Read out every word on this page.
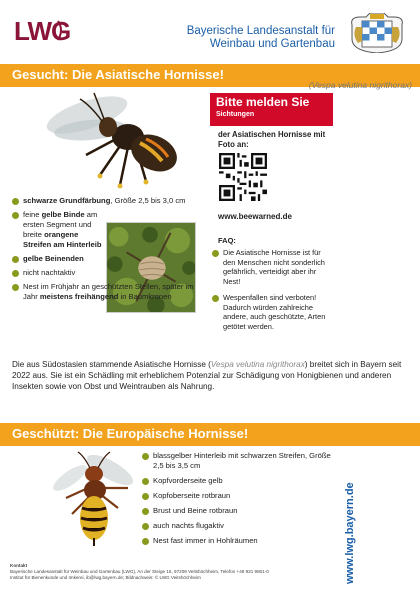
LWG	Bayerische Landesanstalt für
Weinbau und Gartenbau
Gesucht: Die Asiatische Hornisse!
(Vespa velutina nigrithorax)
schwarze Grundfärbung, Größe 2,5 bis 3,0 cm
feine gelbe Binde am ersten Segment und breite orangene Streifen am Hinterleib
gelbe Beinenden
nicht nachtaktiv
Nest im Frühjahr an geschützten Stellen, später im Jahr meistens freihängend in Baumkronen
Bitte melden Sie
Sichtungen
der Asiatischen Hornisse mit Foto an:
www.beewarned.de
FAQ:
Die Asiatische Hornisse ist für den Menschen nicht sonderlich gefährlich, verteidigt aber ihr Nest!
Wespenfallen sind verboten! Dadurch würden zahlreiche andere, auch geschützte, Arten getötet werden.

Die aus Südostasien stammende Asiatische Hornisse (Vespa velutina nigrithorax) breitet sich in Bayern seit 2022 aus. Sie ist ein Schädling mit erheblichem Potenzial zur Schädigung von Honigbienen und anderen Insekten sowie von Obst und Weintrauben als Nahrung.

Geschützt: Die Europäische Hornisse!
blassgelber Hinterleib mit schwarzen Streifen, Größe 2,5 bis 3,5 cm
Kopfvorderseite gelb
Kopfoberseite rotbraun
Brust und Beine rotbraun
auch nachts flugaktiv
Nest fast immer in Hohlräumen	www.lwg.bayern.de
Kontakt
Bayerische Landesanstalt für Weinbau und Gartenbau (LWG), An der Steige 15, 97209 Veitshöchheim, Telefon +49 931 9801-0
Institut für Bienenkunde und Imkerei, ib@lwg.bayern.de; Bildnachweis: © LWG Veitshöchheim
